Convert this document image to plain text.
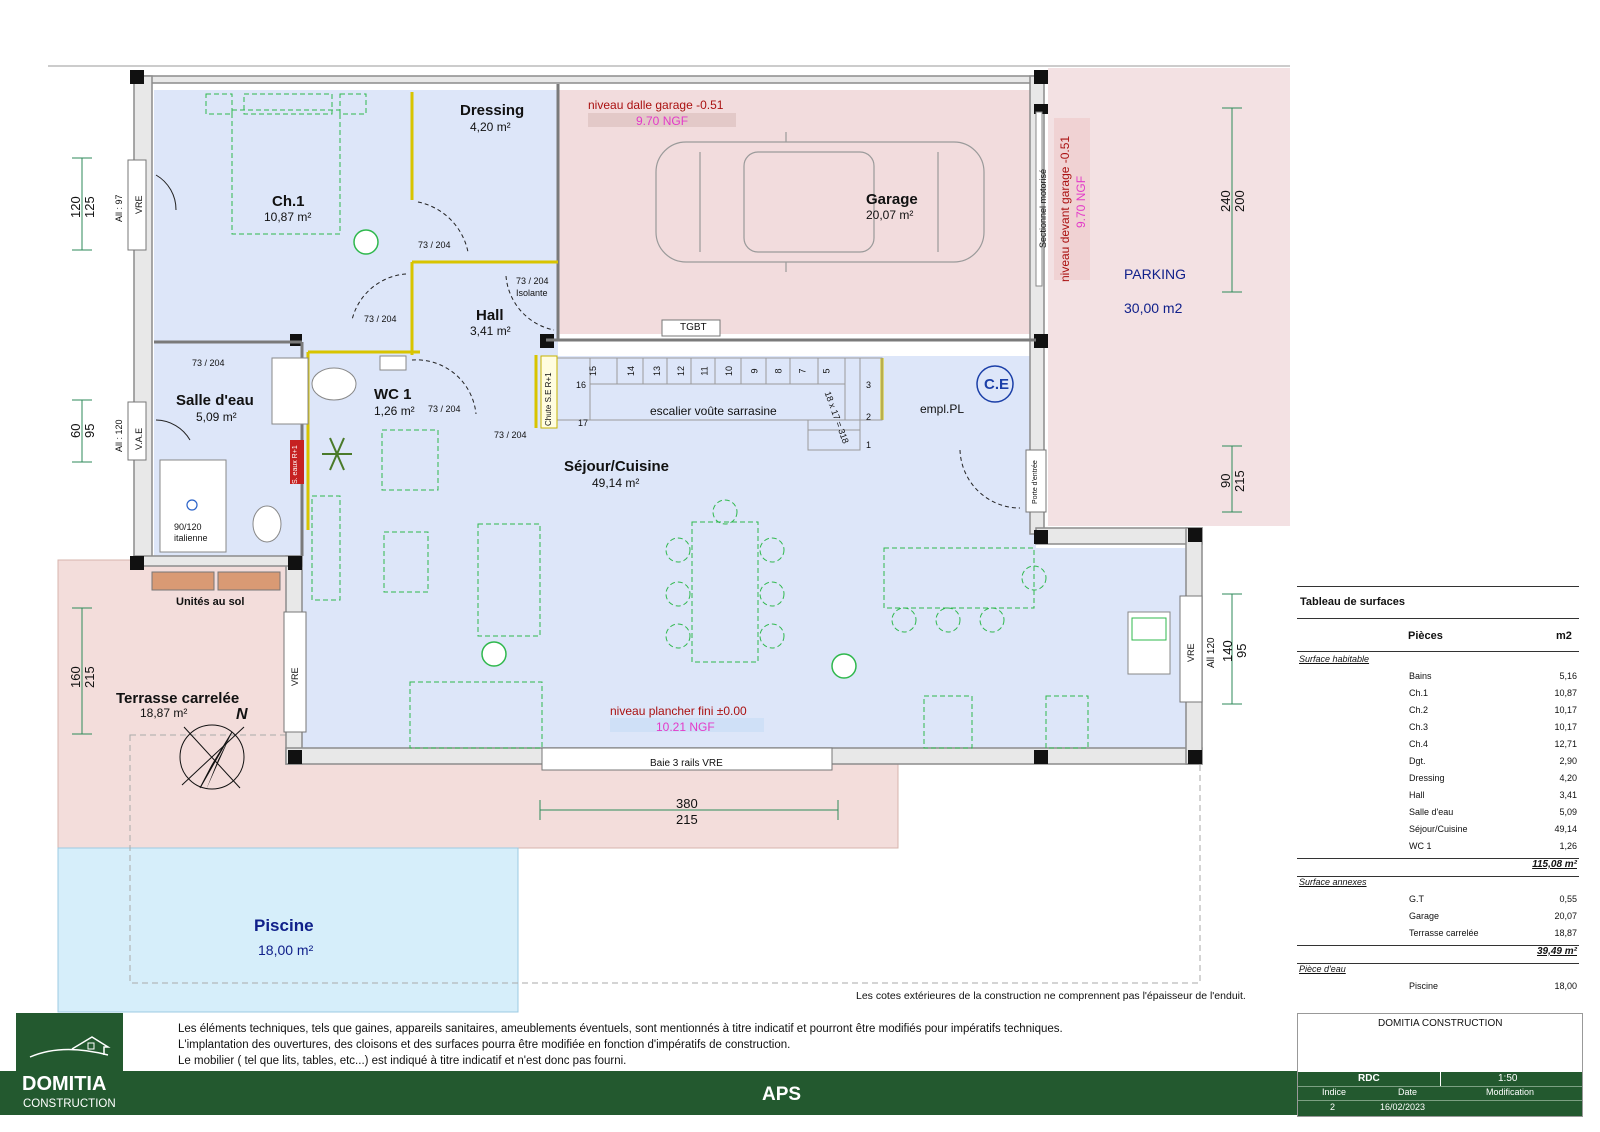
Dressing
4,20 m²
Ch.1
10,87 m²
Garage
20,07 m²
Hall
3,41 m²
Salle d'eau
5,09 m²
WC 1
1,26 m²
Séjour/Cuisine
49,14 m²
Terrasse carrelée
18,87 m²
Piscine
18,00 m²
PARKING
30,00 m2
niveau dalle garage -0.51
9.70 NGF
niveau devant garage -0.51 9.70 NGF
niveau plancher fini ±0.00
10.21 NGF
Sectionnel motorisé
TGBT
C.E
empl.PL
escalier voûte sarrasine	18 x 17 = 318
Chute S.E R+1
Isolante
Porte d'entrée
Unités au sol
Baie 3 rails VRE
90/120
italienne
N
S. eaux R+1
VRE
V.A.E
VRE
VRE
All : 97
All : 120
All 120
73 / 204
73 / 204
73 / 204
73 / 204
73 / 204
73 / 204
15	14 13 12 11 10 9 8 7 5
16
17
3
2
1
120 125
60 95
160 215
240 200
90 215
140 95
380
215
Les cotes extérieures de la construction ne comprennent pas l'épaisseur de l'enduit.
Tableau de surfaces
Pièces	m2
Surface habitable
Bains	5,16
Ch.1	10,87
Ch.2	10,17
Ch.3	10,17
Ch.4	12,71
Dgt.	2,90
Dressing	4,20
Hall	3,41
Salle d'eau	5,09
Séjour/Cuisine	49,14
WC 1	1,26
115,08 m²
Surface annexes
G.T	0,55
Garage	20,07
Terrasse carrelée	18,87
39,49 m²
Pièce d'eau
Piscine	18,00
DOMITIA
CONSTRUCTION
Les éléments techniques, tels que gaines, appareils sanitaires, ameublements éventuels, sont mentionnés à titre indicatif et pourront être modifiés pour impératifs techniques.
L'implantation des ouvertures, des cloisons et des surfaces pourra être modifiée en fonction d'impératifs de construction.
Le mobilier ( tel que lits, tables, etc...) est indiqué à titre indicatif et n'est donc pas fourni.
APS
DOMITIA CONSTRUCTION
RDC	1:50
Indice	Date	Modification
2	16/02/2023
